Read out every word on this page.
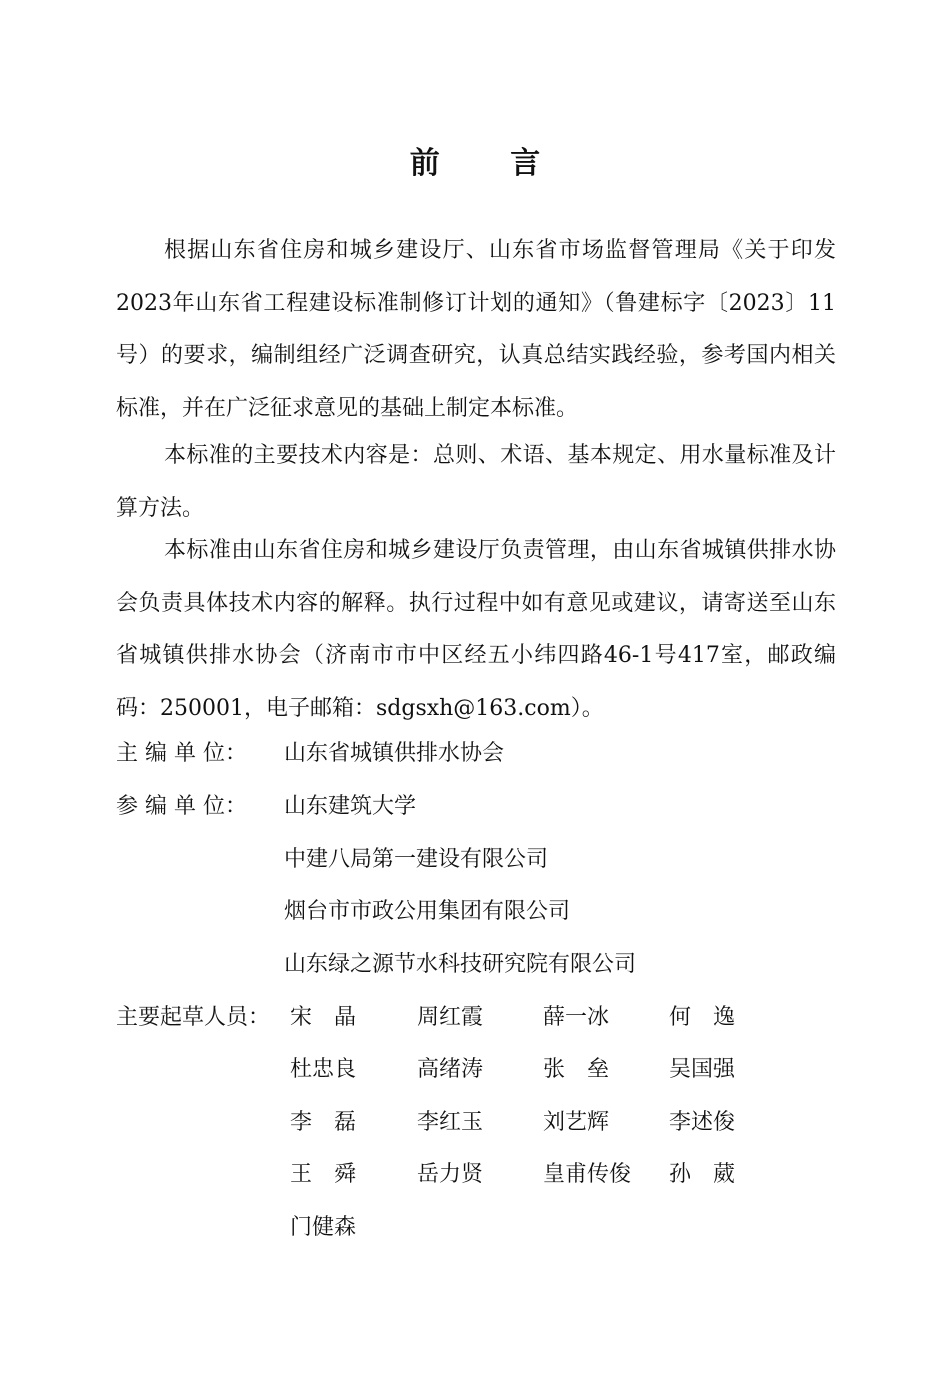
前 言

根据山东省住房和城乡建设厅、山东省市场监督管理局《关于印发2023年山东省工程建设标准制修订计划的通知》（鲁建标字〔2023〕11号）的要求，编制组经广泛调查研究，认真总结实践经验，参考国内相关标准，并在广泛征求意见的基础上制定本标准。

本标准的主要技术内容是：总则、术语、基本规定、用水量标准及计算方法。

本标准由山东省住房和城乡建设厅负责管理，由山东省城镇供排水协会负责具体技术内容的解释。执行过程中如有意见或建议，请寄送至山东省城镇供排水协会（济南市市中区经五小纬四路46-1号417室，邮政编码：250001，电子邮箱：sdgsxh@163.com）。

主 编 单 位： 山东省城镇供排水协会
参 编 单 位： 山东建筑大学
中建八局第一建设有限公司
烟台市市政公用集团有限公司
山东绿之源节水科技研究院有限公司
主要起草人员： 宋　晶	周红霞	薛一冰	何　逸
杜忠良	高绪涛	张　垒	吴国强
李　磊	李红玉	刘艺辉	李述俊
王　舜	岳力贤	皇甫传俊 孙　葳
门健森
